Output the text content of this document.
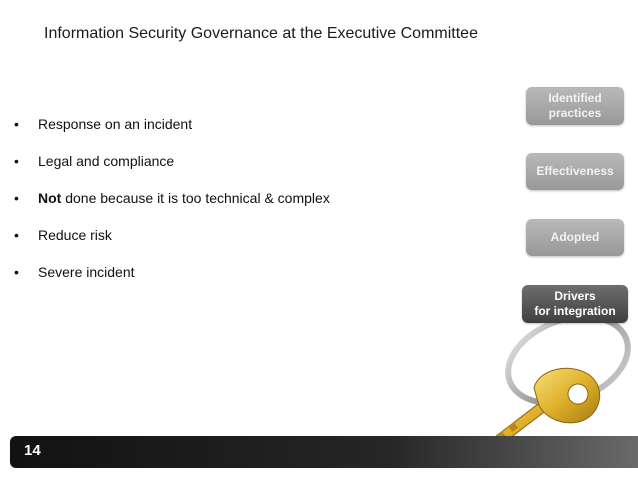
Information Security Governance at the Executive Committee
• Response on an incident
• Legal and compliance
• Not done because it is too technical & complex
• Reduce risk
• Severe incident
Identified
practices
Effectiveness
Adopted
Drivers
for integration
14
